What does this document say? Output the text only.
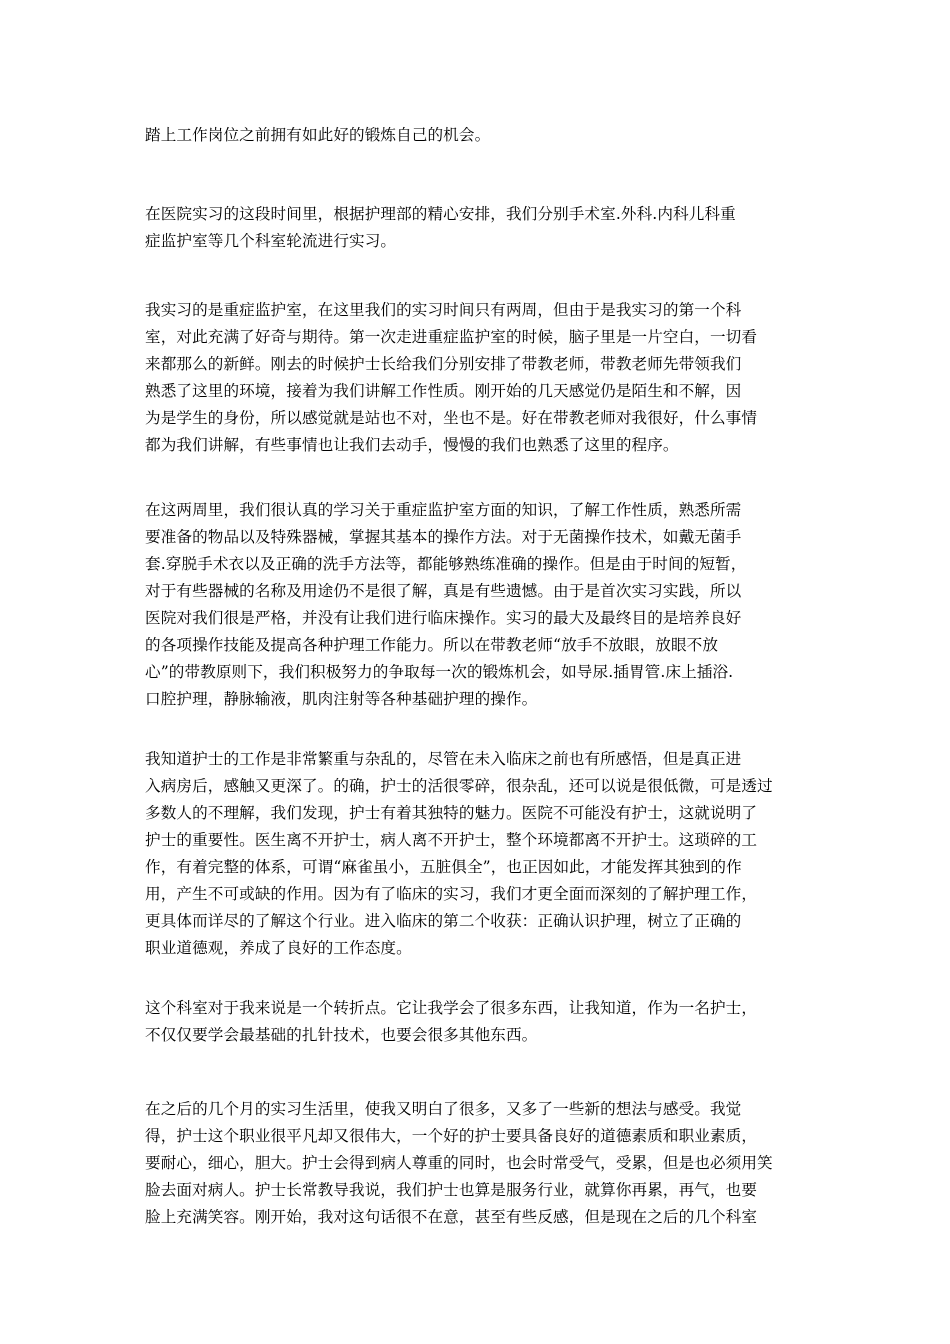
踏上工作岗位之前拥有如此好的锻炼自己的机会。
在医院实习的这段时间里，根据护理部的精心安排，我们分别手术室.外科.内科儿科重
症监护室等几个科室轮流进行实习。
我实习的是重症监护室，在这里我们的实习时间只有两周，但由于是我实习的第一个科
室，对此充满了好奇与期待。第一次走进重症监护室的时候，脑子里是一片空白，一切看
来都那么的新鲜。刚去的时候护士长给我们分别安排了带教老师，带教老师先带领我们
熟悉了这里的环境，接着为我们讲解工作性质。刚开始的几天感觉仍是陌生和不解，因
为是学生的身份，所以感觉就是站也不对，坐也不是。好在带教老师对我很好，什么事情
都为我们讲解，有些事情也让我们去动手，慢慢的我们也熟悉了这里的程序。
在这两周里，我们很认真的学习关于重症监护室方面的知识，了解工作性质，熟悉所需
要准备的物品以及特殊器械，掌握其基本的操作方法。对于无菌操作技术，如戴无菌手
套.穿脱手术衣以及正确的洗手方法等，都能够熟练准确的操作。但是由于时间的短暂，
对于有些器械的名称及用途仍不是很了解，真是有些遗憾。由于是首次实习实践，所以
医院对我们很是严格，并没有让我们进行临床操作。实习的最大及最终目的是培养良好
的各项操作技能及提高各种护理工作能力。所以在带教老师“放手不放眼，放眼不放
心”的带教原则下，我们积极努力的争取每一次的锻炼机会，如导尿.插胃管.床上插浴.
口腔护理，静脉输液，肌肉注射等各种基础护理的操作。
我知道护士的工作是非常繁重与杂乱的，尽管在未入临床之前也有所感悟，但是真正进
入病房后，感触又更深了。的确，护士的活很零碎，很杂乱，还可以说是很低微，可是透过
多数人的不理解，我们发现，护士有着其独特的魅力。医院不可能没有护士，这就说明了
护士的重要性。医生离不开护士，病人离不开护士，整个环境都离不开护士。这琐碎的工
作，有着完整的体系，可谓“麻雀虽小，五脏俱全”，也正因如此，才能发挥其独到的作
用，产生不可或缺的作用。因为有了临床的实习，我们才更全面而深刻的了解护理工作，
更具体而详尽的了解这个行业。进入临床的第二个收获：正确认识护理，树立了正确的
职业道德观，养成了良好的工作态度。
这个科室对于我来说是一个转折点。它让我学会了很多东西，让我知道，作为一名护士，
不仅仅要学会最基础的扎针技术，也要会很多其他东西。
在之后的几个月的实习生活里，使我又明白了很多，又多了一些新的想法与感受。我觉
得，护士这个职业很平凡却又很伟大，一个好的护士要具备良好的道德素质和职业素质，
要耐心，细心，胆大。护士会得到病人尊重的同时，也会时常受气，受累，但是也必须用笑
脸去面对病人。护士长常教导我说，我们护士也算是服务行业，就算你再累，再气，也要
脸上充满笑容。刚开始，我对这句话很不在意，甚至有些反感，但是现在之后的几个科室
